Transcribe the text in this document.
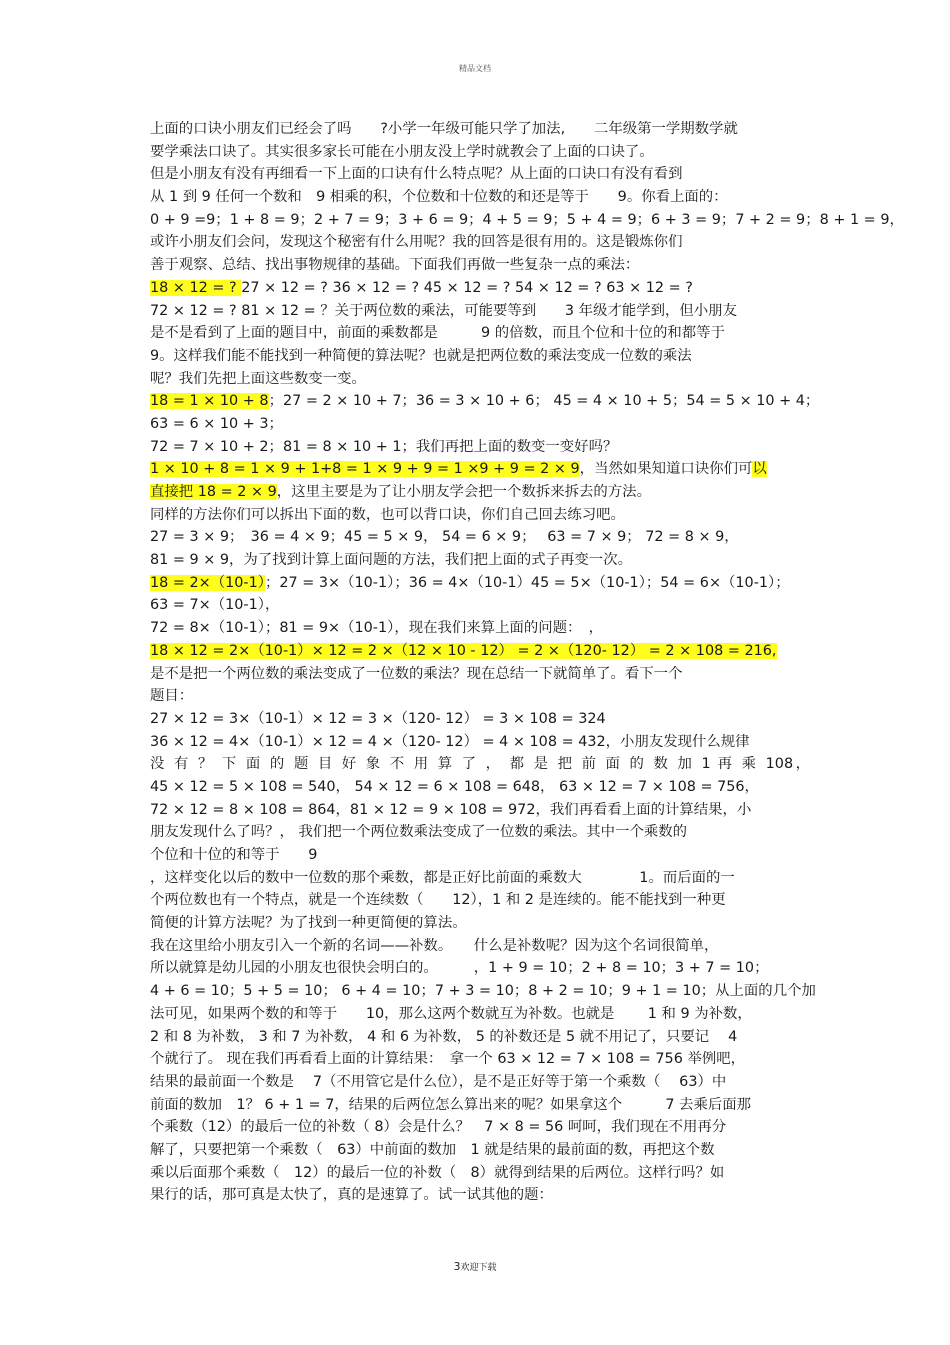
精品文档
上面的口诀小朋友们已经会了吗　　?小学一年级可能只学了加法,　　二年级第一学期数学就
要学乘法口诀了。其实很多家长可能在小朋友没上学时就教会了上面的口诀了。
但是小朋友有没有再细看一下上面的口诀有什么特点呢？从上面的口诀口有没有看到
从 1 到 9 任何一个数和　9 相乘的积，个位数和十位数的和还是等于　　9。你看上面的：
0 + 9 =9；1 + 8 = 9；2 + 7 = 9；3 + 6 = 9；4 + 5 = 9；5 + 4 = 9；6 + 3 = 9；7 + 2 = 9；8 + 1 = 9，
或许小朋友们会问，发现这个秘密有什么用呢？我的回答是很有用的。这是锻炼你们
善于观察、总结、找出事物规律的基础。下面我们再做一些复杂一点的乘法：
18 × 12 = ? 27 × 12 = ? 36 × 12 = ? 45 × 12 = ? 54 × 12 = ? 63 × 12 = ?
72 × 12 = ? 81 × 12 = ？关于两位数的乘法，可能要等到　　3 年级才能学到，但小朋友
是不是看到了上面的题目中，前面的乘数都是　　　9 的倍数，而且个位和十位的和都等于
9。这样我们能不能找到一种简便的算法呢？也就是把两位数的乘法变成一位数的乘法
呢？我们先把上面这些数变一变。
18 = 1 × 10 + 8；27 = 2 × 10 + 7；36 = 3 × 10 + 6； 45 = 4 × 10 + 5；54 = 5 × 10 + 4；
63 = 6 × 10 + 3；
72 = 7 × 10 + 2；81 = 8 × 10 + 1；我们再把上面的数变一变好吗？
1 × 10 + 8 = 1 × 9 + 1+8 = 1 × 9 + 9 = 1 ×9 + 9 = 2 × 9，当然如果知道口诀你们可以
直接把 18 = 2 × 9，这里主要是为了让小朋友学会把一个数拆来拆去的方法。
同样的方法你们可以拆出下面的数，也可以背口诀，你们自己回去练习吧。
27 = 3 × 9；　36 = 4 × 9；45 = 5 × 9， 54 = 6 × 9；　 63 = 7 × 9； 72 = 8 × 9，
81 = 9 × 9，为了找到计算上面问题的方法，我们把上面的式子再变一次。
18 = 2×（10-1）；27 = 3×（10-1）；36 = 4×（10-1）45 = 5×（10-1）；54 = 6×（10-1）；
63 = 7×（10-1），
72 = 8×（10-1）；81 = 9×（10-1），现在我们来算上面的问题：　，
18 × 12 = 2×（10-1）× 12 = 2 ×（12 × 10 - 12） = 2 ×（120- 12） = 2 × 108 = 216,
是不是把一个两位数的乘法变成了一位数的乘法？现在总结一下就简单了。看下一个
题目：
27 × 12 = 3×（10-1）× 12 = 3 ×（120- 12） = 3 × 108 = 324
36 × 12 = 4×（10-1）× 12 = 4 ×（120- 12） = 4 × 108 = 432，小朋友发现什么规律
没 有 ？ 下 面 的 题 目 好 象 不 用 算 了 ， 都 是 把 前 面 的 数 加 1 再 乘 108，
45 × 12 = 5 × 108 = 540， 54 × 12 = 6 × 108 = 648， 63 × 12 = 7 × 108 = 756，
72 × 12 = 8 × 108 = 864，81 × 12 = 9 × 108 = 972，我们再看看上面的计算结果，小
朋友发现什么了吗？， 我们把一个两位数乘法变成了一位数的乘法。其中一个乘数的
个位和十位的和等于　　9
，这样变化以后的数中一位数的那个乘数，都是正好比前面的乘数大　　　　1。而后面的一
个两位数也有一个特点，就是一个连续数（　　12），1 和 2 是连续的。能不能找到一种更
简便的计算方法呢？为了找到一种更简便的算法。
我在这里给小朋友引入一个新的名词——补数。　　什么是补数呢？因为这个名词很简单，
所以就算是幼儿园的小朋友也很快会明白的。　　　，1 + 9 = 10；2 + 8 = 10；3 + 7 = 10；
4 + 6 = 10；5 + 5 = 10； 6 + 4 = 10；7 + 3 = 10；8 + 2 = 10；9 + 1 = 10；从上面的几个加
法可见，如果两个数的和等于　　10，那么这两个数就互为补数。也就是　　 1 和 9 为补数，
2 和 8 为补数， 3 和 7 为补数， 4 和 6 为补数， 5 的补数还是 5 就不用记了，只要记　 4
个就行了。 现在我们再看看上面的计算结果：　拿一个 63 × 12 = 7 × 108 = 756 举例吧，
结果的最前面一个数是　 7（不用管它是什么位），是不是正好等于第一个乘数（　 63）中
前面的数加　1？ 6 + 1 = 7，结果的后两位怎么算出来的呢？如果拿这个　　　7 去乘后面那
个乘数（12）的最后一位的补数（ 8）会是什么？　7 × 8 = 56 呵呵，我们现在不用再分
解了，只要把第一个乘数（　63）中前面的数加　1 就是结果的最前面的数，再把这个数
乘以后面那个乘数（　12）的最后一位的补数（　8）就得到结果的后两位。这样行吗？如
果行的话，那可真是太快了，真的是速算了。试一试其他的题：
3欢迎下载
